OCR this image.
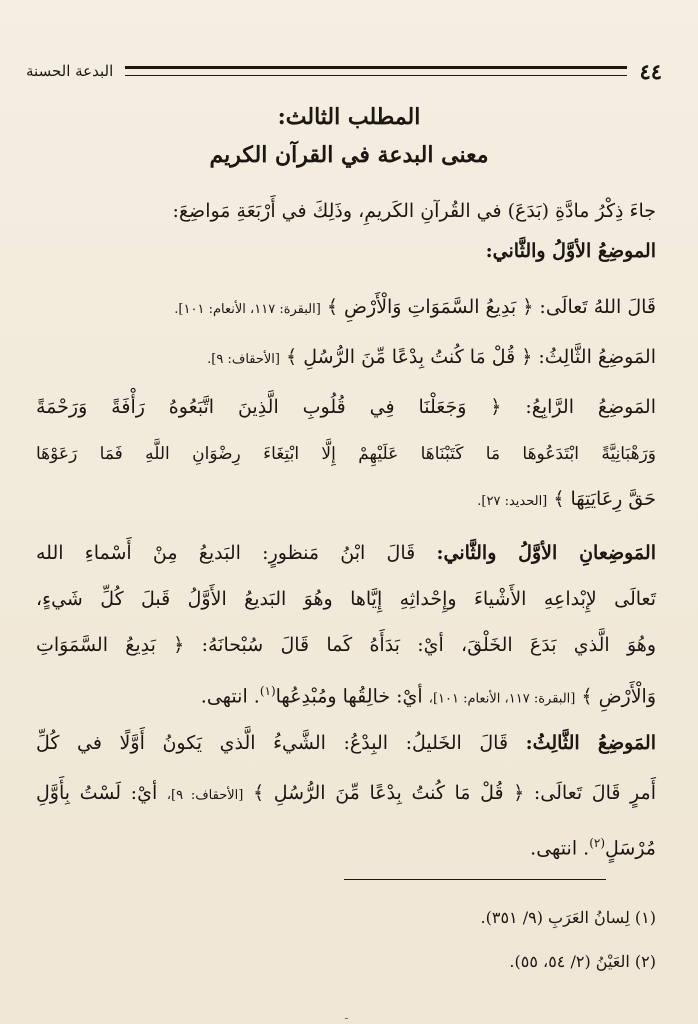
٤٤
البدعة الحسنة
المطلب الثالث:
معنى البدعة في القرآن الكريم
جاءَ ذِكْرُ مادَّةِ (بَدَعَ) في القُرآنِ الكَريمِ، وذَلِكَ في أَرْبَعَةِ مَواضِعَ:
الموضِعُ الأوَّلُ والثَّاني:
قَالَ اللهُ تَعالَى: ﴿ بَدِيعُ السَّمَوَاتِ وَالْأَرْضِ ﴾ [البقرة: ١١٧، الأنعام: ١٠١].
المَوضِعُ الثَّالِثُ: ﴿ قُلْ مَا كُنتُ بِدْعًا مِّنَ الرُّسُلِ ﴾ [الأحقاف: ٩].
المَوضِعُ الرَّابِعُ: ﴿ وَجَعَلْنَا فِي قُلُوبِ الَّذِينَ اتَّبَعُوهُ رَأْفَةً وَرَحْمَةً
وَرَهْبَانِيَّةً ابْتَدَعُوهَا مَا كَتَبْنَاهَا عَلَيْهِمْ إِلَّا ابْتِغَاءَ رِضْوَانِ اللَّهِ فَمَا رَعَوْهَا
حَقَّ رِعَايَتِهَا ﴾ [الحديد: ٢٧].
المَوضِعانِ الأوَّلُ والثَّاني: قَالَ ابْنُ مَنظورٍ: البَديعُ مِنْ أَسْماءِ الله
تَعالَى لإِبْداعِهِ الأَشْياءَ وإِحْداثِهِ إِيَّاها وهُوَ البَديعُ الأَوَّلُ قَبلَ كُلِّ شَيءٍ،
وهُوَ الَّذي بَدَعَ الخَلْقَ، أيْ: بَدَأَهُ كَما قَالَ سُبْحانَهُ: ﴿ بَدِيعُ السَّمَوَاتِ
وَالْأَرْضِ ﴾ [البقرة: ١١٧، الأنعام: ١٠١]، أيْ: خالِقُها ومُبْدِعُها$^{(١)}$. انتهى.
المَوضِعُ الثَّالِثُ: قَالَ الخَليلُ: البِدْعُ: الشَّيءُ الَّذي يَكونُ أَوَّلًا في كُلِّ
أَمرٍ قَالَ تَعالَى: ﴿ قُلْ مَا كُنتُ بِدْعًا مِّنَ الرُّسُلِ ﴾ [الأحقاف: ٩]، أيْ: لَسْتُ بِأَوَّلِ
مُرْسَلٍ$^{(٢)}$. انتهى.
(١) لِسانُ العَرَبِ (٩/ ٣٥١).
(٢) العَيْنُ (٢/ ٥٤، ٥٥).
ـ
